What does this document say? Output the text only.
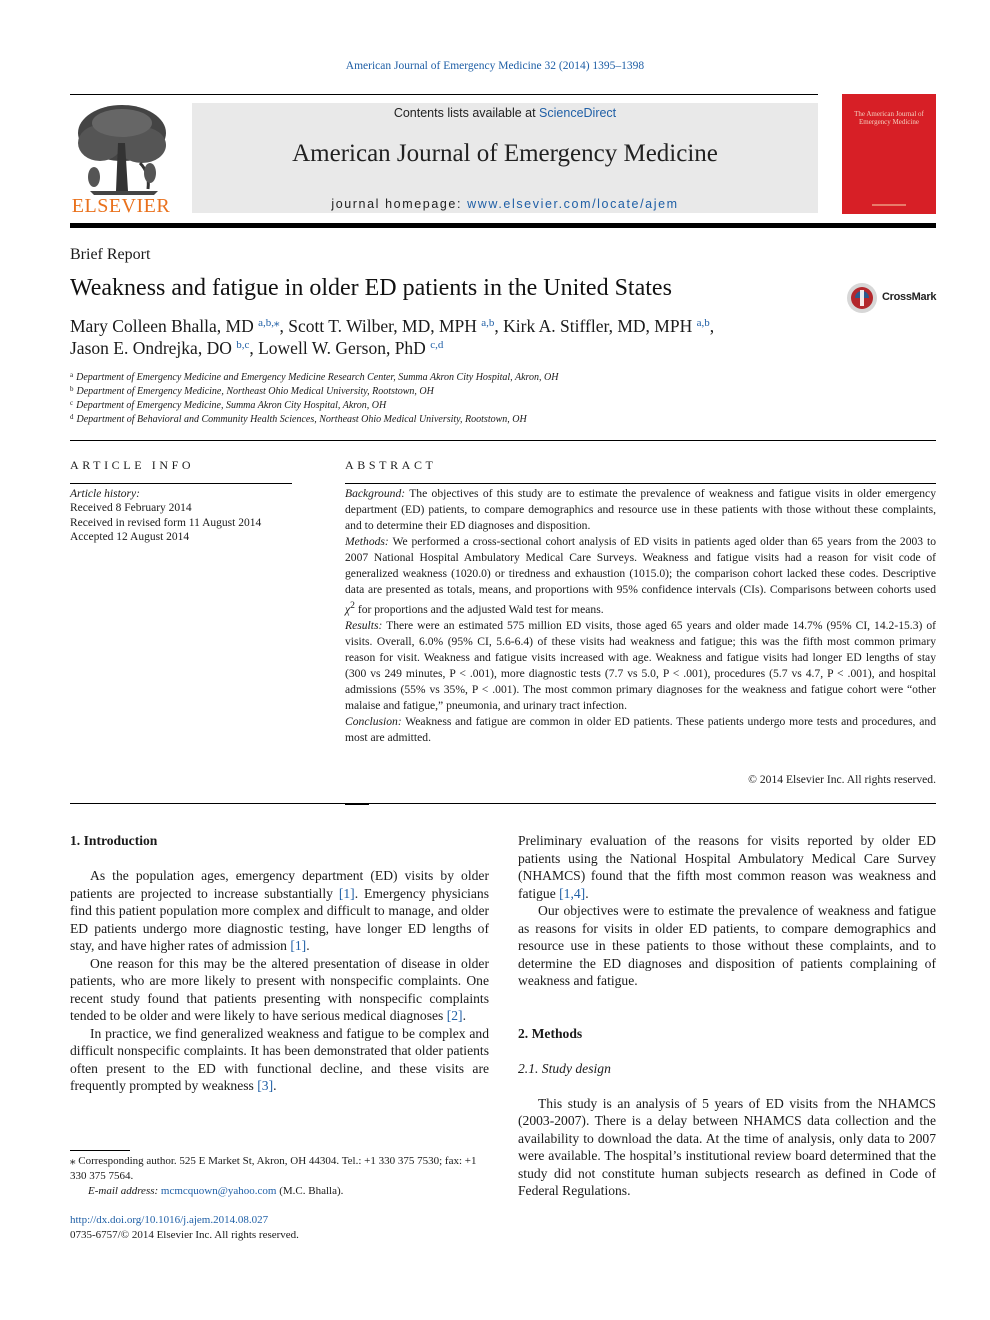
American Journal of Emergency Medicine 32 (2014) 1395–1398
ELSEVIER
Contents lists available at ScienceDirect
American Journal of Emergency Medicine
journal homepage: www.elsevier.com/locate/ajem
The American Journal of Emergency Medicine
Brief Report
Weakness and fatigue in older ED patients in the United States	CrossMark
Mary Colleen Bhalla, MD $^{a,b,⁎}$, Scott T. Wilber, MD, MPH $^{a,b}$, Kirk A. Stiffler, MD, MPH $^{a,b}$,
Jason E. Ondrejka, DO $^{b,c}$, Lowell W. Gerson, PhD $^{c,d}$
$^a$ Department of Emergency Medicine and Emergency Medicine Research Center, Summa Akron City Hospital, Akron, OH
$^b$ Department of Emergency Medicine, Northeast Ohio Medical University, Rootstown, OH
$^c$ Department of Emergency Medicine, Summa Akron City Hospital, Akron, OH
$^d$ Department of Behavioral and Community Health Sciences, Northeast Ohio Medical University, Rootstown, OH
ARTICLE INFO
Article history:
Received 8 February 2014
Received in revised form 11 August 2014
Accepted 12 August 2014
ABSTRACT

Background: The objectives of this study are to estimate the prevalence of weakness and fatigue visits in older emergency department (ED) patients, to compare demographics and resource use in these patients with those without these complaints, and to determine their ED diagnoses and disposition.

Methods: We performed a cross-sectional cohort analysis of ED visits in patients aged older than 65 years from the 2003 to 2007 National Hospital Ambulatory Medical Care Surveys. Weakness and fatigue visits had a reason for visit code of generalized weakness (1020.0) or tiredness and exhaustion (1015.0); the comparison cohort lacked these codes. Descriptive data are presented as totals, means, and proportions with 95% confidence intervals (CIs). Comparisons between cohorts used $\chi^2$ for proportions and the adjusted Wald test for means.

Results: There were an estimated 575 million ED visits, those aged 65 years and older made 14.7% (95% CI, 14.2-15.3) of visits. Overall, 6.0% (95% CI, 5.6-6.4) of these visits had weakness and fatigue; this was the fifth most common primary reason for visit. Weakness and fatigue visits increased with age. Weakness and fatigue visits had longer ED lengths of stay (300 vs 249 minutes, P < .001), more diagnostic tests (7.7 vs 5.0, P < .001), procedures (5.7 vs 4.7, P < .001), and hospital admissions (55% vs 35%, P < .001). The most common primary diagnoses for the weakness and fatigue cohort were “other malaise and fatigue,” pneumonia, and urinary tract infection.

Conclusion: Weakness and fatigue are common in older ED patients. These patients undergo more tests and procedures, and most are admitted.

© 2014 Elsevier Inc. All rights reserved.
1. Introduction

As the population ages, emergency department (ED) visits by older patients are projected to increase substantially [1]. Emergency physicians find this patient population more complex and difficult to manage, and older ED patients undergo more diagnostic testing, have longer ED lengths of stay, and have higher rates of admission [1].

One reason for this may be the altered presentation of disease in older patients, who are more likely to present with nonspecific complaints. One recent study found that patients presenting with nonspecific complaints tended to be older and were likely to have serious medical diagnoses [2].

In practice, we find generalized weakness and fatigue to be complex and difficult nonspecific complaints. It has been demonstrated that older patients often present to the ED with functional decline, and these visits are frequently prompted by weakness [3].

Preliminary evaluation of the reasons for visits reported by older ED patients using the National Hospital Ambulatory Medical Care Survey (NHAMCS) found that the fifth most common reason was weakness and fatigue [1,4].

Our objectives were to estimate the prevalence of weakness and fatigue as reasons for visits in older ED patients, to compare demographics and resource use in these patients to those without these complaints, and to determine the ED diagnoses and disposition of patients complaining of weakness and fatigue.

2. Methods
2.1. Study design

This study is an analysis of 5 years of ED visits from the NHAMCS (2003-2007). There is a delay between NHAMCS data collection and the availability to download the data. At the time of analysis, only data to 2007 were available. The hospital’s institutional review board determined that the study did not constitute human subjects research as defined in Code of Federal Regulations.

⁎ Corresponding author. 525 E Market St, Akron, OH 44304. Tel.: +1 330 375 7530; fax: +1 330 375 7564.
E-mail address: mcmcquown@yahoo.com (M.C. Bhalla).
http://dx.doi.org/10.1016/j.ajem.2014.08.027
0735-6757/© 2014 Elsevier Inc. All rights reserved.
